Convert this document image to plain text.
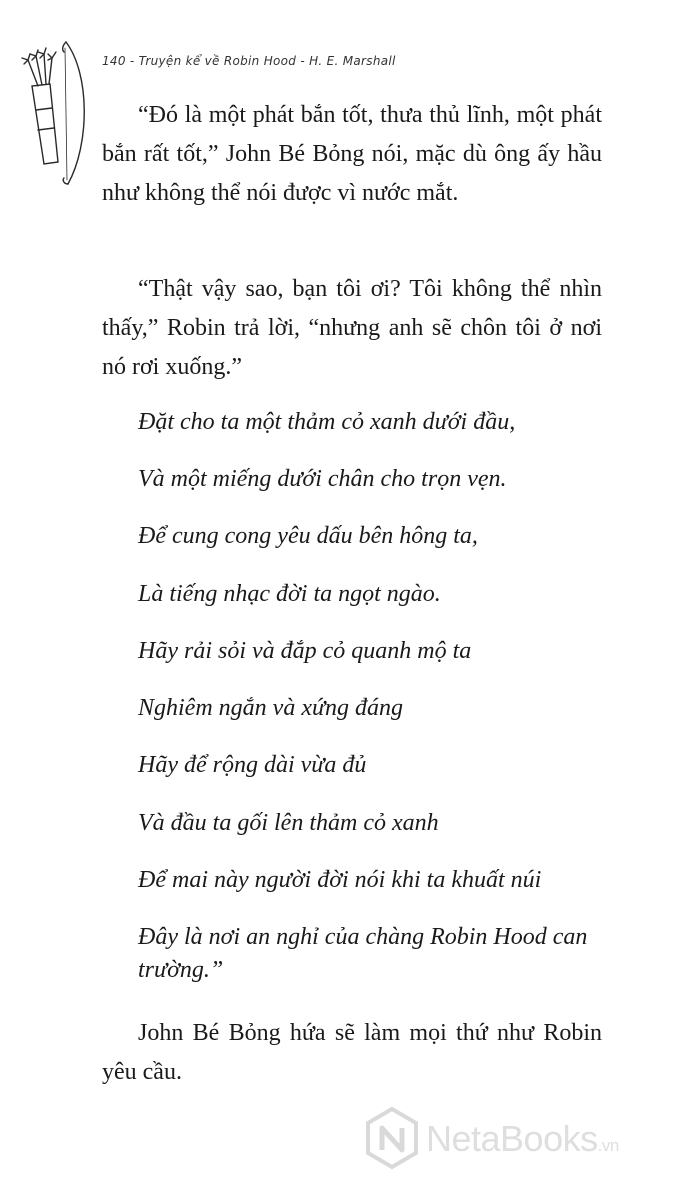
140 - Truyện kể về Robin Hood - H. E. Marshall

“Đó là một phát bắn tốt, thưa thủ lĩnh, một phát bắn rất tốt,” John Bé Bỏng nói, mặc dù ông ấy hầu như không thể nói được vì nước mắt.

“Thật vậy sao, bạn tôi ơi? Tôi không thể nhìn thấy,” Robin trả lời, “nhưng anh sẽ chôn tôi ở nơi nó rơi xuống.”

Đặt cho ta một thảm cỏ xanh dưới đầu,

Và một miếng dưới chân cho trọn vẹn.

Để cung cong yêu dấu bên hông ta,

Là tiếng nhạc đời ta ngọt ngào.

Hãy rải sỏi và đắp cỏ quanh mộ ta

Nghiêm ngắn và xứng đáng

Hãy để rộng dài vừa đủ

Và đầu ta gối lên thảm cỏ xanh

Để mai này người đời nói khi ta khuất núi

Đây là nơi an nghỉ của chàng Robin Hood can trường.”

John Bé Bỏng hứa sẽ làm mọi thứ như Robin yêu cầu.

NetaBooks.vn
